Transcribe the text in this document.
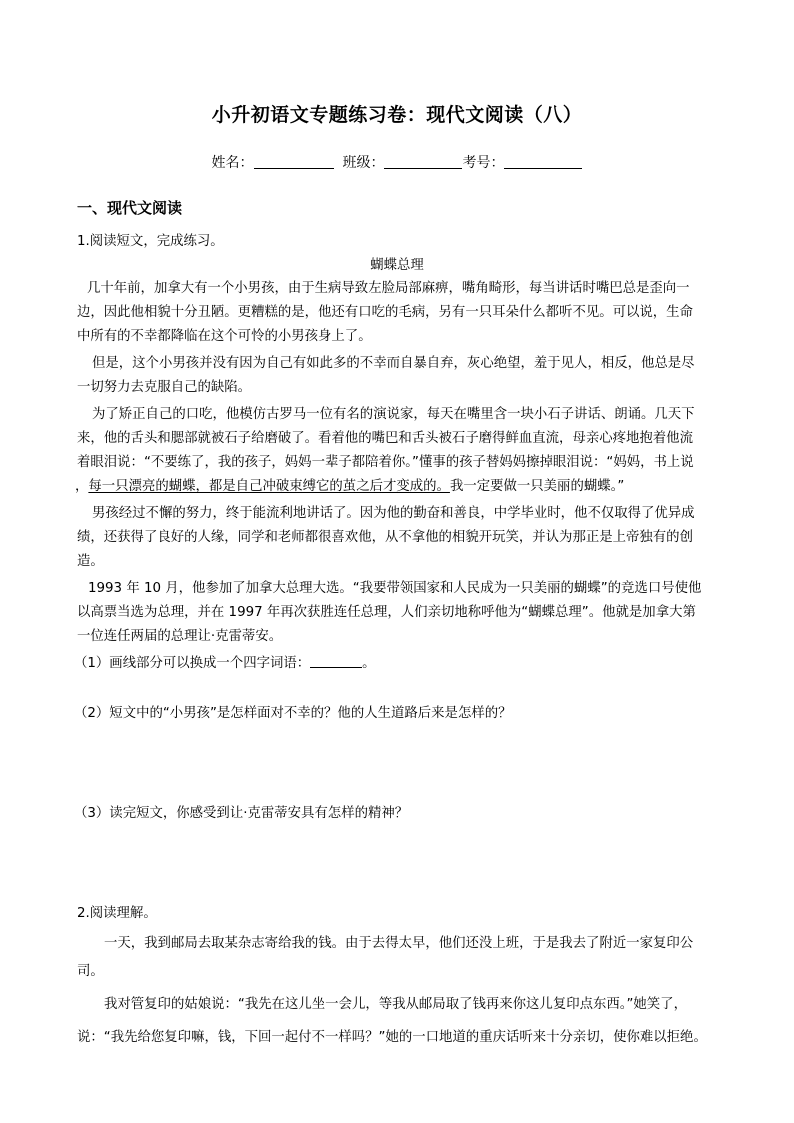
小升初语文专题练习卷：现代文阅读（八）
姓名：	班级：	考号：
一、现代文阅读
1.阅读短文，完成练习。
蝴蝶总理
几十年前，加拿大有一个小男孩，由于生病导致左脸局部麻痹，嘴角畸形，每当讲话时嘴巴总是歪向一
边，因此他相貌十分丑陋。更糟糕的是，他还有口吃的毛病，另有一只耳朵什么都听不见。可以说，生命
中所有的不幸都降临在这个可怜的小男孩身上了。
但是，这个小男孩并没有因为自己有如此多的不幸而自暴自弃，灰心绝望，羞于见人，相反，他总是尽
一切努力去克服自己的缺陷。
为了矫正自己的口吃，他模仿古罗马一位有名的演说家，每天在嘴里含一块小石子讲话、朗诵。几天下
来，他的舌头和腮部就被石子给磨破了。看着他的嘴巴和舌头被石子磨得鲜血直流，母亲心疼地抱着他流
着眼泪说：“不要练了，我的孩子，妈妈一辈子都陪着你。”懂事的孩子替妈妈擦掉眼泪说：“妈妈，书上说
，每一只漂亮的蝴蝶，都是自己冲破束缚它的茧之后才变成的。我一定要做一只美丽的蝴蝶。”
男孩经过不懈的努力，终于能流利地讲话了。因为他的勤奋和善良，中学毕业时，他不仅取得了优异成
绩，还获得了良好的人缘，同学和老师都很喜欢他，从不拿他的相貌开玩笑，并认为那正是上帝独有的创
造。
1993 年 10 月，他参加了加拿大总理大选。“我要带领国家和人民成为一只美丽的蝴蝶”的竞选口号使他
以高票当选为总理，并在 1997 年再次获胜连任总理，人们亲切地称呼他为“蝴蝶总理”。他就是加拿大第
一位连任两届的总理让·克雷蒂安。
（1）画线部分可以换成一个四字词语：	。
（2）短文中的“小男孩”是怎样面对不幸的？他的人生道路后来是怎样的？
（3）读完短文，你感受到让·克雷蒂安具有怎样的精神？
2.阅读理解。
一天，我到邮局去取某杂志寄给我的钱。由于去得太早，他们还没上班，于是我去了附近一家复印公
司。
我对管复印的姑娘说：“我先在这儿坐一会儿，等我从邮局取了钱再来你这儿复印点东西。”她笑了，
说：“我先给您复印嘛，钱，下回一起付不一样吗？”她的一口地道的重庆话听来十分亲切，使你难以拒绝。
